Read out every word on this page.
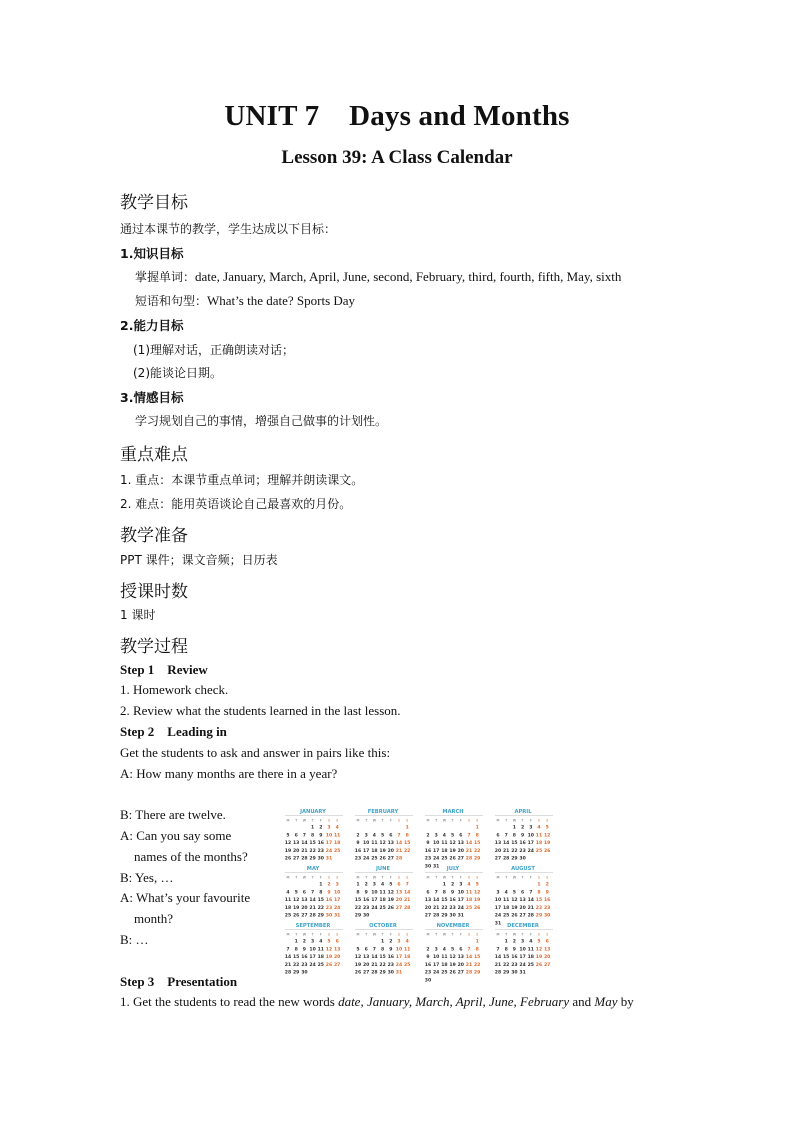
UNIT 7    Days and Months
Lesson 39: A Class Calendar
教学目标
通过本课节的教学，学生达成以下目标：
1.知识目标
掌握单词：date, January, March, April, June, second, February, third, fourth, fifth, May, sixth
短语和句型：What’s the date? Sports Day
2.能力目标
(1)理解对话，正确朗读对话；
(2)能谈论日期。
3.情感目标
学习规划自己的事情，增强自己做事的计划性。
重点难点
1. 重点：本课节重点单词；理解并朗读课文。
2. 难点：能用英语谈论自己最喜欢的月份。
教学准备
PPT 课件；课文音频；日历表
授课时数
1 课时
教学过程
Step 1    Review
1. Homework check.
2. Review what the students learned in the last lesson.
Step 2    Leading in
Get the students to ask and answer in pairs like this:
A: How many months are there in a year?
B: There are twelve.
A: Can you say some
names of the months?
B: Yes, …
A: What’s your favourite
month?
B: …
JANUARY
M T W T F S S
1 2 3 4
5 6 7 8 9 10 11
12 13 14 15 16 17 18
19 20 21 22 23 24 25
26 27 28 29 30 31
FEBRUARY
M T W T F S S
1
2 3 4 5 6 7 8
9 10 11 12 13 14 15
16 17 18 19 20 21 22
23 24 25 26 27 28
MARCH
M T W T F S S
1
2 3 4 5 6 7 8
9 10 11 12 13 14 15
16 17 18 19 20 21 22
23 24 25 26 27 28 29
30 31
APRIL
M T W T F S S
1 2 3 4 5
6 7 8 9 10 11 12
13 14 15 16 17 18 19
20 21 22 23 24 25 26
27 28 29 30
MAY
M T W T F S S
1 2 3
4 5 6 7 8 9 10
11 12 13 14 15 16 17
18 19 20 21 22 23 24
25 26 27 28 29 30 31
JUNE
M T W T F S S
1 2 3 4 5 6 7
8 9 10 11 12 13 14
15 16 17 18 19 20 21
22 23 24 25 26 27 28
29 30
JULY
M T W T F S S
1 2 3 4 5
6 7 8 9 10 11 12
13 14 15 16 17 18 19
20 21 22 23 24 25 26
27 28 29 30 31
AUGUST
M T W T F S S
1 2
3 4 5 6 7 8 9
10 11 12 13 14 15 16
17 18 19 20 21 22 23
24 25 26 27 28 29 30
31
SEPTEMBER
M T W T F S S
1 2 3 4 5 6
7 8 9 10 11 12 13
14 15 16 17 18 19 20
21 22 23 24 25 26 27
28 29 30
OCTOBER
M T W T F S S
1 2 3 4
5 6 7 8 9 10 11
12 13 14 15 16 17 18
19 20 21 22 23 24 25
26 27 28 29 30 31
NOVEMBER
M T W T F S S
1
2 3 4 5 6 7 8
9 10 11 12 13 14 15
16 17 18 19 20 21 22
23 24 25 26 27 28 29
30
DECEMBER
M T W T F S S
1 2 3 4 5 6
7 8 9 10 11 12 13
14 15 16 17 18 19 20
21 22 23 24 25 26 27
28 29 30 31
Step 3    Presentation
1. Get the students to read the new words date, January, March, April, June, February and May by
